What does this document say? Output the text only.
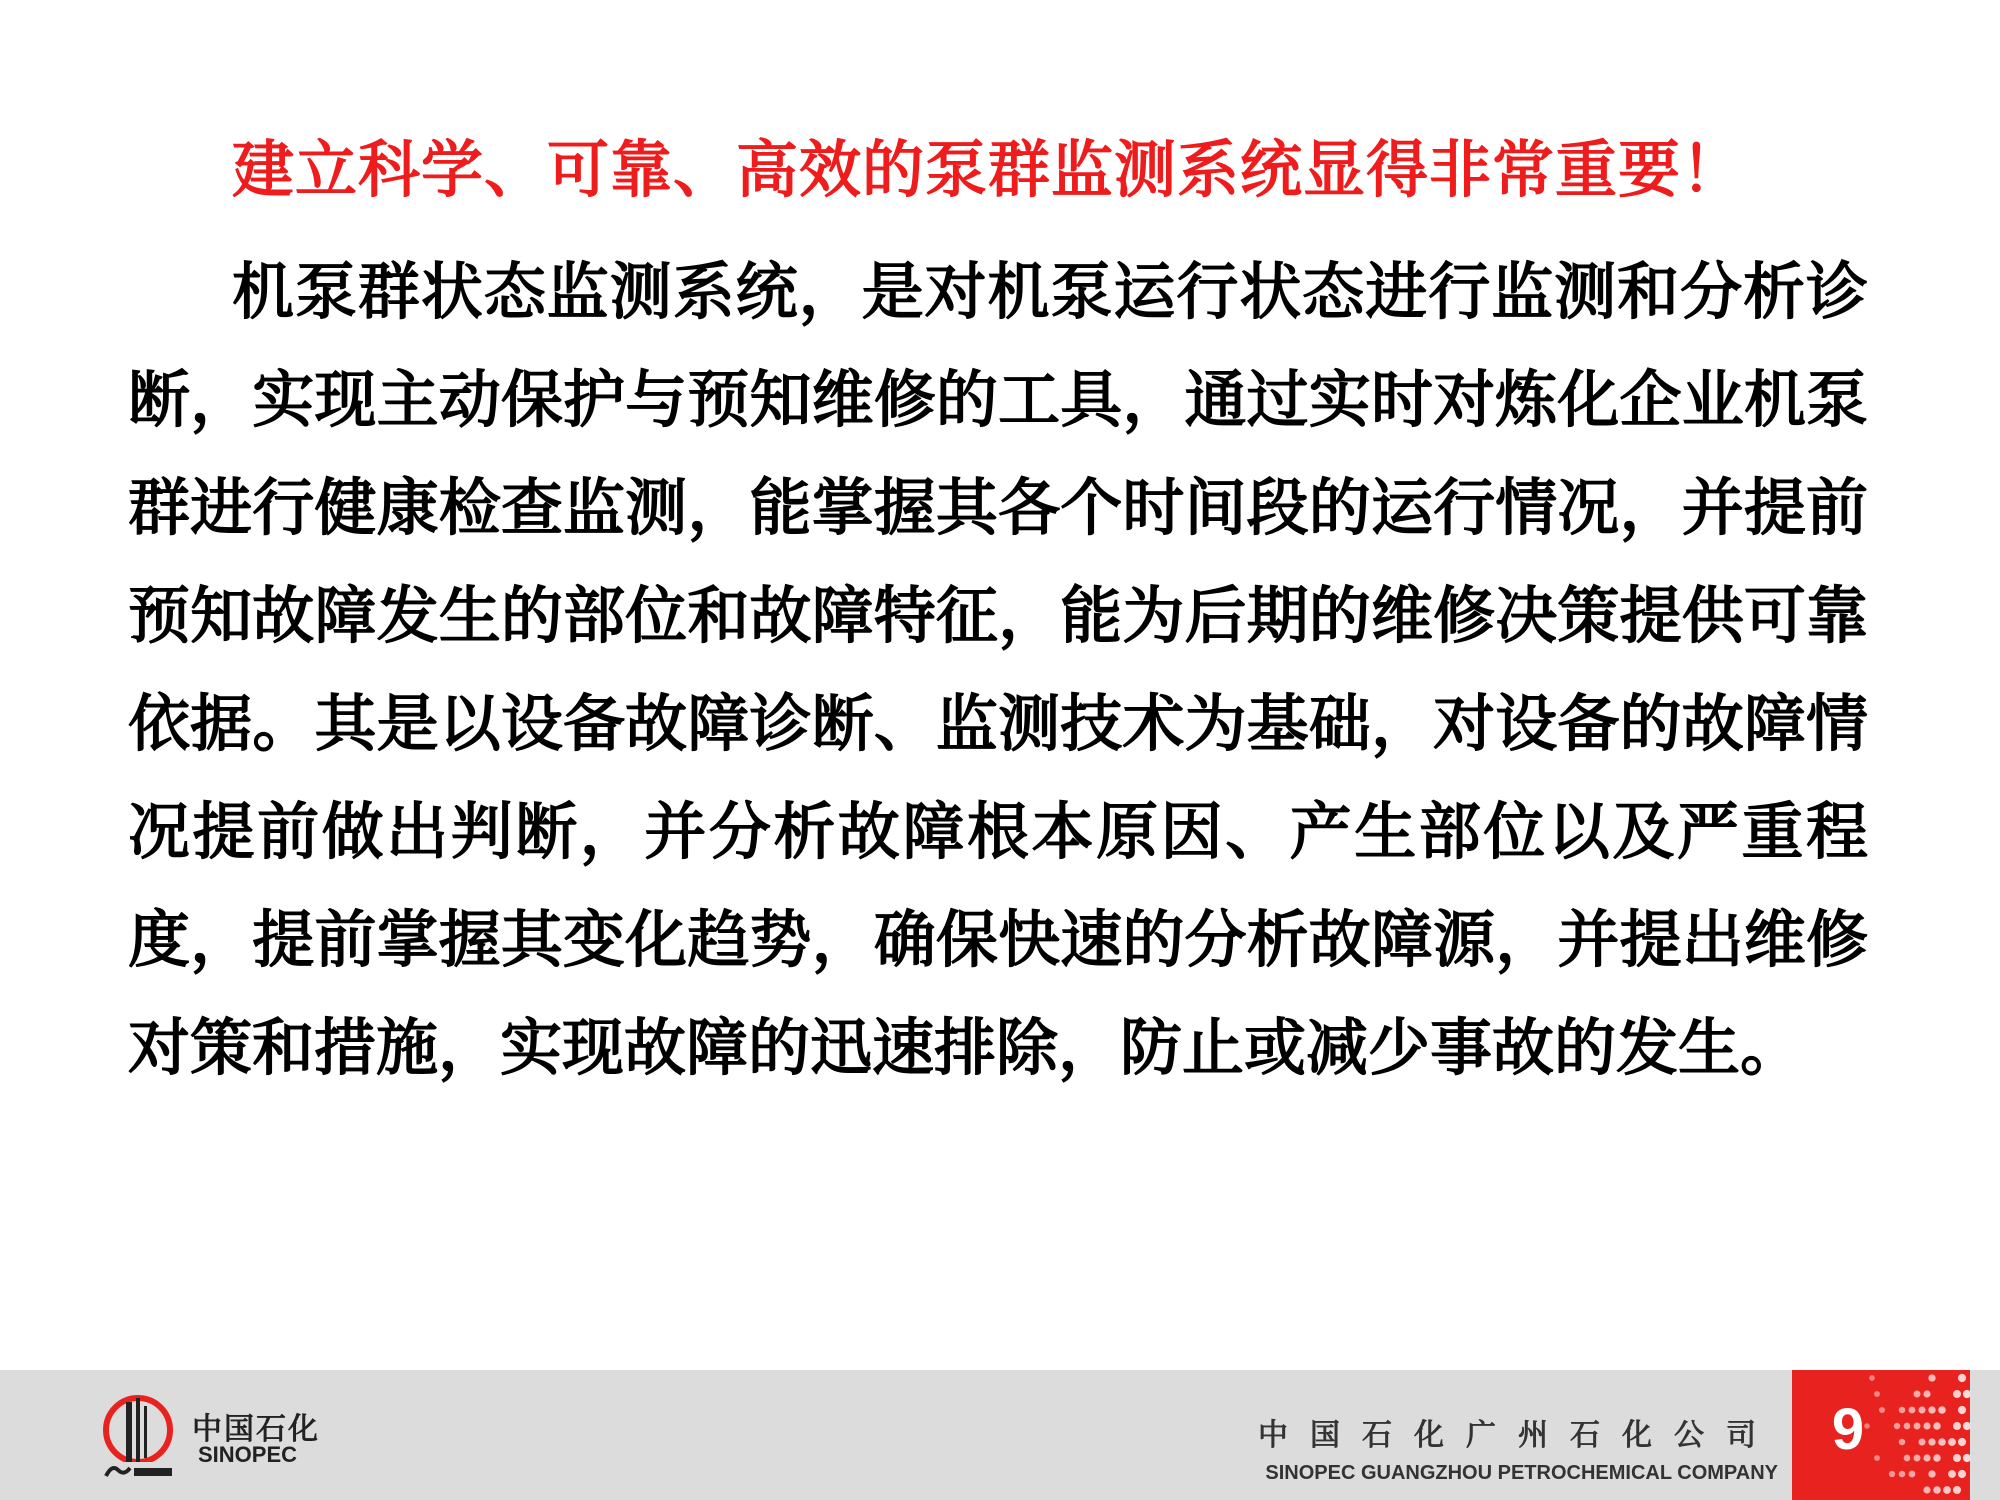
建立科学、可靠、高效的泵群监测系统显得非常重要！

机泵群状态监测系统，是对机泵运行状态进行监测和分析诊断，实现主动保护与预知维修的工具，通过实时对炼化企业机泵群进行健康检查监测，能掌握其各个时间段的运行情况，并提前预知故障发生的部位和故障特征，能为后期的维修决策提供可靠依据。其是以设备故障诊断、监测技术为基础，对设备的故障情况提前做出判断，并分析故障根本原因、产生部位以及严重程度，提前掌握其变化趋势，确保快速的分析故障源，并提出维修对策和措施，实现故障的迅速排除，防止或减少事故的发生。

中国石化
SINOPEC
中国石化广州石化公司
SINOPEC GUANGZHOU PETROCHEMICAL COMPANY
9
